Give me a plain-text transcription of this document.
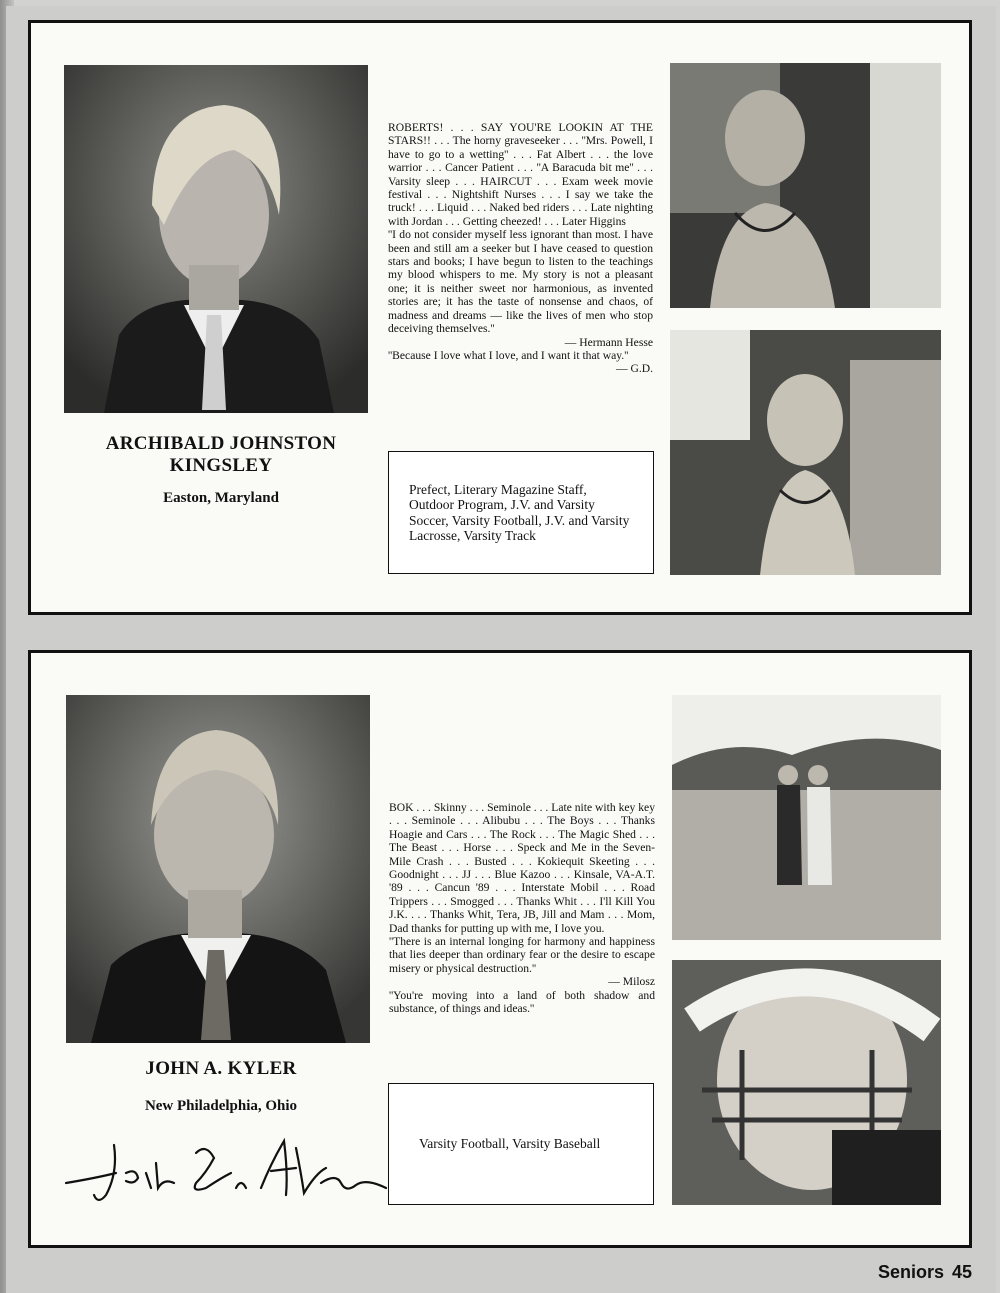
ARCHIBALD JOHNSTON
KINGSLEY
Easton, Maryland

ROBERTS! . . . SAY YOU'RE LOOKIN AT THE STARS!! . . . The horny graveseeker . . . ''Mrs. Powell, I have to go to a wetting'' . . . Fat Albert . . . the love warrior . . . Cancer Patient . . . ''A Baracuda bit me'' . . . Varsity sleep . . . HAIRCUT . . . Exam week movie festival . . . Nightshift Nurses . . . I say we take the truck! . . . Liquid . . . Naked bed riders . . . Late nighting with Jordan . . . Getting cheezed! . . . Later Higgins

''I do not consider myself less ignorant than most. I have been and still am a seeker but I have ceased to question stars and books; I have begun to listen to the teachings my blood whispers to me. My story is not a pleasant one; it is neither sweet nor harmonious, as invented stories are; it has the taste of nonsense and chaos, of madness and dreams — like the lives of men who stop deceiving themselves.''

— Hermann Hesse

''Because I love what I love, and I want it that way.''

— G.D.

Prefect, Literary Magazine Staff, Outdoor Program, J.V. and Varsity Soccer, Varsity Football, J.V. and Varsity Lacrosse, Varsity Track
JOHN A. KYLER
New Philadelphia, Ohio

BOK . . . Skinny . . . Seminole . . . Late nite with key key . . . Seminole . . . Alibubu . . . The Boys . . . Thanks Hoagie and Cars . . . The Rock . . . The Magic Shed . . . The Beast . . . Horse . . . Speck and Me in the Seven-Mile Crash . . . Busted . . . Kokiequit Skeeting . . . Goodnight . . . JJ . . . Blue Kazoo . . . Kinsale, VA-A.T. '89 . . . Cancun '89 . . . Interstate Mobil . . . Road Trippers . . . Smogged . . . Thanks Whit . . . I'll Kill You J.K. . . . Thanks Whit, Tera, JB, Jill and Mam . . . Mom, Dad thanks for putting up with me, I love you.

''There is an internal longing for harmony and happiness that lies deeper than ordinary fear or the desire to escape misery or physical destruction.''

— Milosz

''You're moving into a land of both shadow and substance, of things and ideas.''

Varsity Football, Varsity Baseball
Seniors 45
